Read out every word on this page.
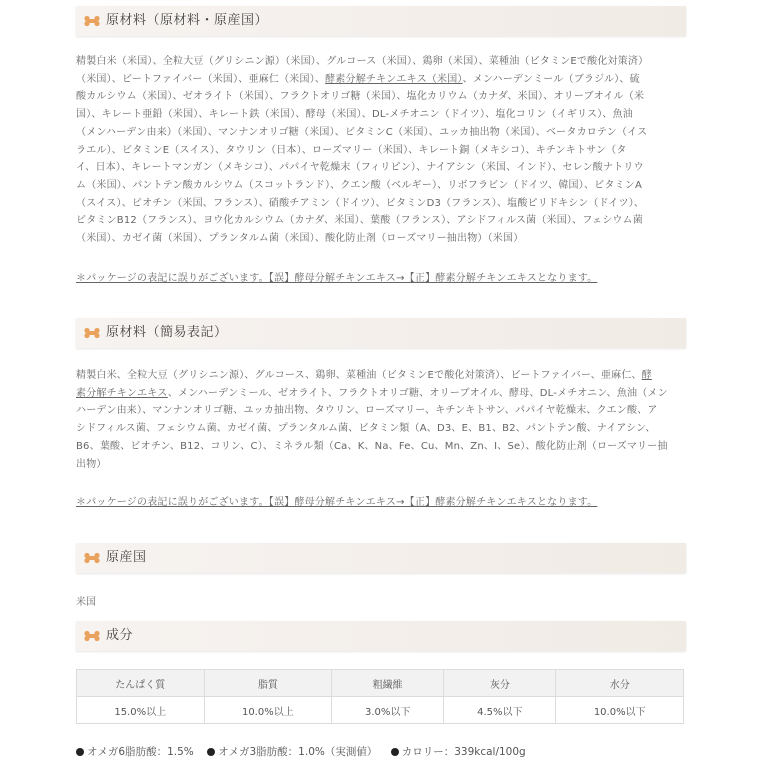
原材料（原材料・原産国）
精製白米（米国）、全粒大豆（グリシニン源）（米国）、グルコース（米国）、鶏卵（米国）、菜種油（ビタミンEで酸化対策済）
（米国）、ビートファイバー（米国）、亜麻仁（米国）、酵素分解チキンエキス（米国）、メンハーデンミール（ブラジル）、硫
酸カルシウム（米国）、ゼオライト（米国）、フラクトオリゴ糖（米国）、塩化カリウム（カナダ、米国）、オリーブオイル（米
国）、キレート亜鉛（米国）、キレート鉄（米国）、酵母（米国）、DL-メチオニン（ドイツ）、塩化コリン（イギリス）、魚油
（メンハーデン由来）（米国）、マンナンオリゴ糖（米国）、ビタミンC（米国）、ユッカ抽出物（米国）、ベータカロテン（イス
ラエル）、ビタミンE（スイス）、タウリン（日本）、ローズマリー（米国）、キレート銅（メキシコ）、キチンキトサン（タ
イ、日本）、キレートマンガン（メキシコ）、パパイヤ乾燥末（フィリピン）、ナイアシン（米国、インド）、セレン酸ナトリウ
ム（米国）、パントテン酸カルシウム（スコットランド）、クエン酸（ベルギー）、リボフラビン（ドイツ、韓国）、ビタミンA
（スイス）、ビオチン（米国、フランス）、硝酸チアミン（ドイツ）、ビタミンD3（フランス）、塩酸ピリドキシン（ドイツ）、
ビタミンB12（フランス）、ヨウ化カルシウム（カナダ、米国）、葉酸（フランス）、アシドフィルス菌（米国）、フェシウム菌
（米国）、カゼイ菌（米国）、プランタルム菌（米国）、酸化防止剤（ローズマリー抽出物）（米国）
＊パッケージの表記に誤りがございます。【誤】酵母分解チキンエキス→【正】酵素分解チキンエキスとなります。
原材料（簡易表記）
精製白米、全粒大豆（グリシニン源）、グルコース、鶏卵、菜種油（ビタミンEで酸化対策済）、ビートファイバー、亜麻仁、酵
素分解チキンエキス、メンハーデンミール、ゼオライト、フラクトオリゴ糖、オリーブオイル、酵母、DL-メチオニン、魚油（メン
ハーデン由来）、マンナンオリゴ糖、ユッカ抽出物、タウリン、ローズマリー、キチンキトサン、パパイヤ乾燥末、クエン酸、ア
シドフィルス菌、フェシウム菌、カゼイ菌、プランタルム菌、ビタミン類（A、D3、E、B1、B2、パントテン酸、ナイアシン、
B6、葉酸、ビオチン、B12、コリン、C）、ミネラル類（Ca、K、Na、Fe、Cu、Mn、Zn、I、Se）、酸化防止剤（ローズマリー抽
出物）
＊パッケージの表記に誤りがございます。【誤】酵母分解チキンエキス→【正】酵素分解チキンエキスとなります。
原産国
米国
成分
たんぱく質	脂質	粗繊維	灰分	水分
15.0%以上	10.0%以上	3.0%以下	4.5%以下	10.0%以下
オメガ6脂肪酸：1.5% オメガ3脂肪酸：1.0%（実測値） カロリー：339kcal/100g
